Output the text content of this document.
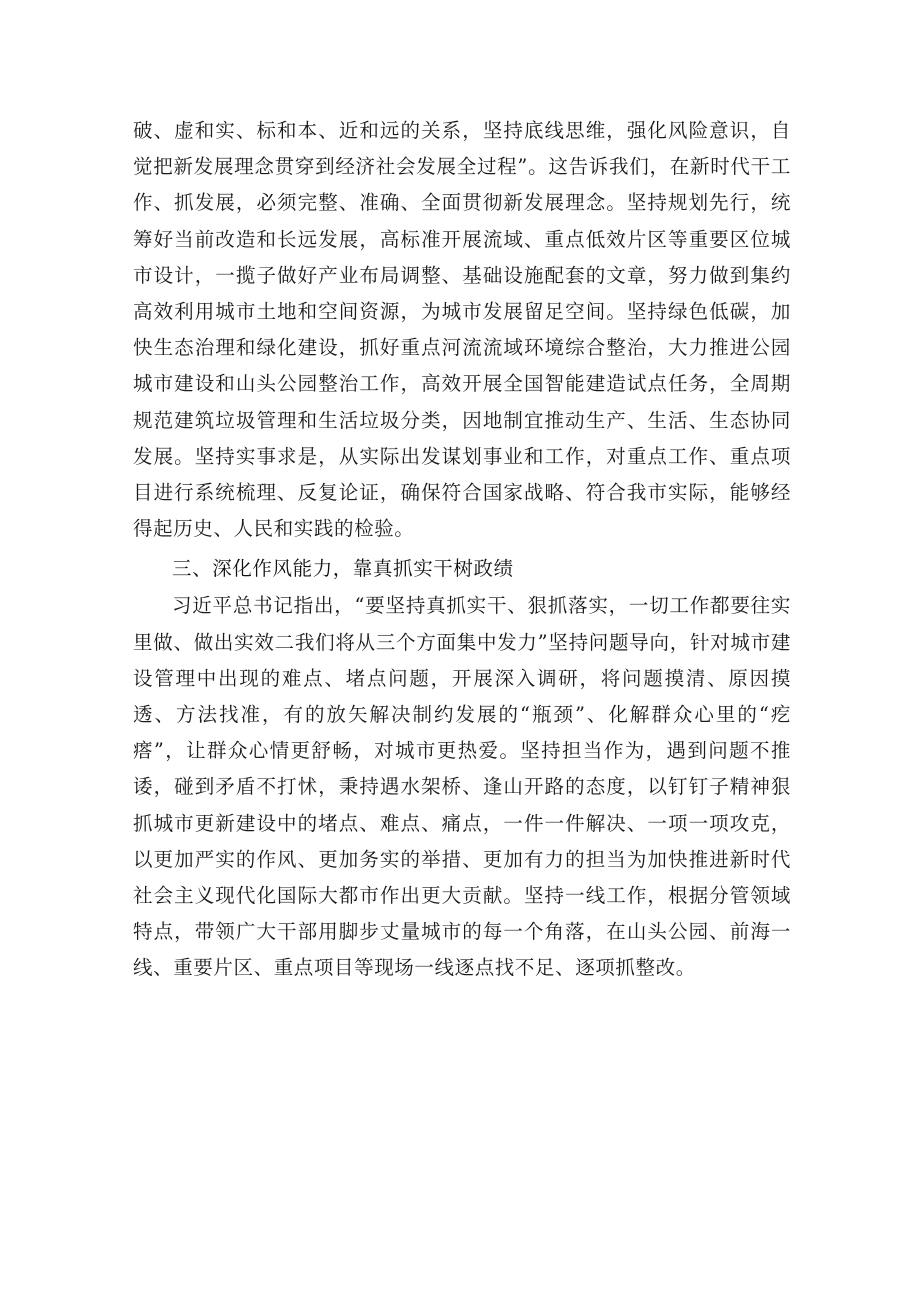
破、虚和实、标和本、近和远的关系，坚持底线思维，强化风险意识，自觉把新发展理念贯穿到经济社会发展全过程”。这告诉我们，在新时代干工作、抓发展，必须完整、准确、全面贯彻新发展理念。坚持规划先行，统筹好当前改造和长远发展，高标准开展流域、重点低效片区等重要区位城市设计，一揽子做好产业布局调整、基础设施配套的文章，努力做到集约高效利用城市土地和空间资源，为城市发展留足空间。坚持绿色低碳，加快生态治理和绿化建设，抓好重点河流流域环境综合整治，大力推进公园城市建设和山头公园整治工作，高效开展全国智能建造试点任务，全周期规范建筑垃圾管理和生活垃圾分类，因地制宜推动生产、生活、生态协同发展。坚持实事求是，从实际出发谋划事业和工作，对重点工作、重点项目进行系统梳理、反复论证，确保符合国家战略、符合我市实际，能够经得起历史、人民和实践的检验。

三、深化作风能力，靠真抓实干树政绩

习近平总书记指出，“要坚持真抓实干、狠抓落实，一切工作都要往实里做、做出实效二我们将从三个方面集中发力”坚持问题导向，针对城市建设管理中出现的难点、堵点问题，开展深入调研，将问题摸清、原因摸透、方法找准，有的放矢解决制约发展的“瓶颈”、化解群众心里的“疙瘩”，让群众心情更舒畅，对城市更热爱。坚持担当作为，遇到问题不推诿，碰到矛盾不打怵，秉持遇水架桥、逢山开路的态度，以钉钉子精神狠抓城市更新建设中的堵点、难点、痛点，一件一件解决、一项一项攻克，以更加严实的作风、更加务实的举措、更加有力的担当为加快推进新时代社会主义现代化国际大都市作出更大贡献。坚持一线工作，根据分管领域特点，带领广大干部用脚步丈量城市的每一个角落，在山头公园、前海一线、重要片区、重点项目等现场一线逐点找不足、逐项抓整改。
